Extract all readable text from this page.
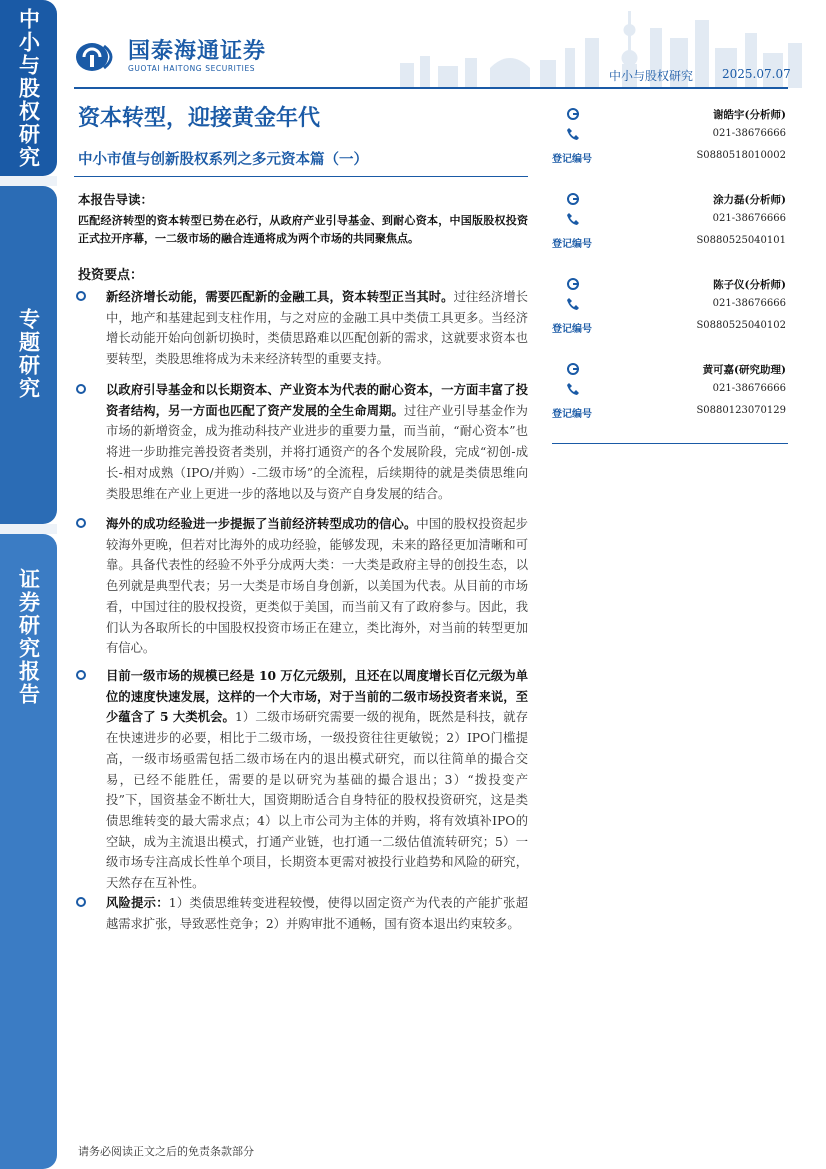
中小与股权研究
专题研究
证券研究报告
国泰海通证券
GUOTAI HAITONG SECURITIES
中小与股权研究 2025.07.07
资本转型，迎接黄金年代
中小市值与创新股权系列之多元资本篇（一）
本报告导读：
匹配经济转型的资本转型已势在必行，从政府产业引导基金、到耐心资本，中国版股权投资正式拉开序幕，一二级市场的融合连通将成为两个市场的共同聚焦点。
投资要点：
新经济增长动能，需要匹配新的金融工具，资本转型正当其时。过往经济增长中，地产和基建起到支柱作用，与之对应的金融工具中类债工具更多。当经济增长动能开始向创新切换时，类债思路难以匹配创新的需求，这就要求资本也要转型，类股思维将成为未来经济转型的重要支持。
以政府引导基金和以长期资本、产业资本为代表的耐心资本，一方面丰富了投资者结构，另一方面也匹配了资产发展的全生命周期。过往产业引导基金作为市场的新增资金，成为推动科技产业进步的重要力量，而当前，“耐心资本”也将进一步助推完善投资者类别，并将打通资产的各个发展阶段，完成“初创-成长-相对成熟（IPO/并购）-二级市场”的全流程，后续期待的就是类债思维向类股思维在产业上更进一步的落地以及与资产自身发展的结合。
海外的成功经验进一步提振了当前经济转型成功的信心。中国的股权投资起步较海外更晚，但若对比海外的成功经验，能够发现，未来的路径更加清晰和可靠。具备代表性的经验不外乎分成两大类：一大类是政府主导的创投生态，以色列就是典型代表；另一大类是市场自身创新，以美国为代表。从目前的市场看，中国过往的股权投资，更类似于美国，而当前又有了政府参与。因此，我们认为各取所长的中国股权投资市场正在建立，类比海外，对当前的转型更加有信心。
目前一级市场的规模已经是 10 万亿元级别，且还在以周度增长百亿元级为单位的速度快速发展，这样的一个大市场，对于当前的二级市场投资者来说，至少蕴含了 5 大类机会。1）二级市场研究需要一级的视角，既然是科技，就存在快速进步的必要，相比于二级市场，一级投资往往更敏锐；2）IPO门槛提高，一级市场亟需包括二级市场在内的退出模式研究，而以往简单的撮合交易，已经不能胜任，需要的是以研究为基础的撮合退出；3）“拨投变产投”下，国资基金不断壮大，国资期盼适合自身特征的股权投资研究，这是类债思维转变的最大需求点；4）以上市公司为主体的并购，将有效填补IPO的空缺，成为主流退出模式，打通产业链，也打通一二级估值流转研究；5）一级市场专注高成长性单个项目，长期资本更需对被投行业趋势和风险的研究，天然存在互补性。
风险提示：1）类债思维转变进程较慢，使得以固定资产为代表的产能扩张超越需求扩张，导致恶性竞争；2）并购审批不通畅，国有资本退出约束较多。
谢皓宇(分析师)
021-38676666
登记编号	S0880518010002
涂力磊(分析师)
021-38676666
登记编号	S0880525040101
陈子仪(分析师)
021-38676666
登记编号	S0880525040102
黄可嘉(研究助理)
021-38676666
登记编号	S0880123070129
请务必阅读正文之后的免责条款部分
